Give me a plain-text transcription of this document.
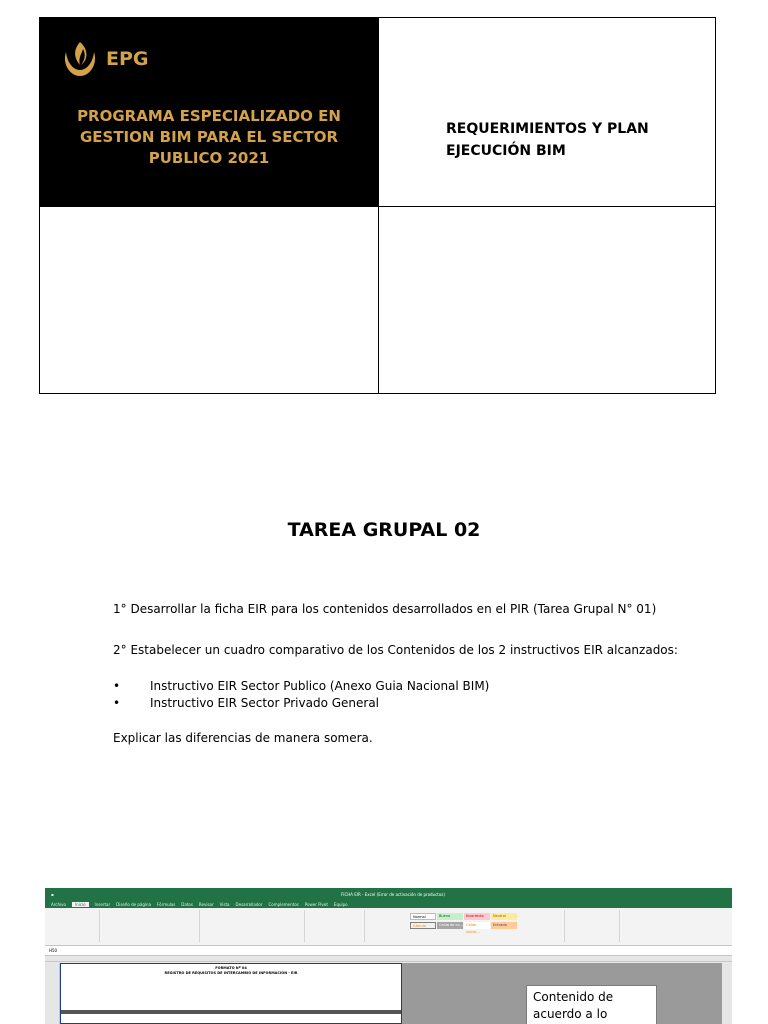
EPG
PROGRAMA ESPECIALIZADO EN
GESTION BIM PARA EL SECTOR
PUBLICO 2021
REQUERIMIENTOS Y PLAN
EJECUCIÓN BIM
TAREA GRUPAL 02
1° Desarrollar la ficha EIR para los contenidos desarrollados en el PIR (Tarea Grupal N° 01)
2° Estabelecer un cuadro comparativo de los Contenidos de los 2 instructivos EIR alcanzados:
•	Instructivo EIR Sector Publico (Anexo Guia Nacional BIM)
•	Instructivo EIR Sector Privado General
Explicar las diferencias de manera somera.
▪	FICHA EIR - Excel (Error de activación de productos)
Archivo	Inicio	Insertar Diseño de página Fórmulas Datos Revisar Vista Desarrollador Complementos Power Pivot Equipo
Normal	Bueno	Incorrecto	Neutral
Cálculo	Celda de co... Celda vincul...
Entrada
H50
FORMATO Nº 04
REGISTRO DE REQUISITOS DE INTERCAMBIO DE INFORMACIÓN - EIR
Contenido de
acuerdo a lo
